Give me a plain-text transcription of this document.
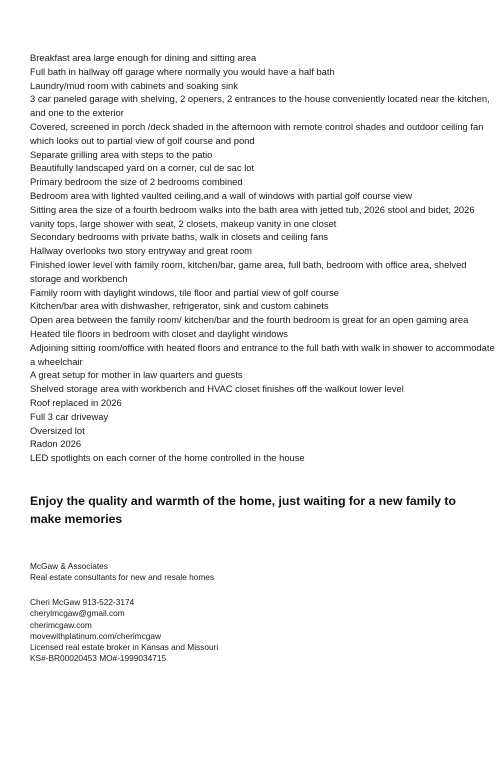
Breakfast area large enough for dining and sitting area
Full bath in hallway off garage where normally you would have a half bath
Laundry/mud room with cabinets and soaking sink
3 car paneled garage with shelving, 2 openers, 2 entrances to the house conveniently located near the kitchen, and one to the exterior
Covered, screened in porch /deck shaded in the afternoon with remote control shades and outdoor ceiling fan which looks out to partial view of golf course and pond
Separate grilling area with steps to the patio
Beautifully landscaped yard on a corner, cul de sac lot
Primary bedroom the size of 2 bedrooms combined
Bedroom area with lighted vaulted ceiling,and a wall of windows with partial golf course view
Sitting area the size of a fourth bedroom walks into the bath area with jetted tub, 2026 stool and bidet, 2026 vanity tops, large shower with seat, 2 closets, makeup vanity in one closet
Secondary bedrooms with private baths, walk in closets and ceiling fans
Hallway overlooks two story entryway and great room
Finished lower level with family room, kitchen/bar, game area, full bath, bedroom with office area, shelved storage and workbench
Family room with daylight windows, tile floor and partial view of golf course
Kitchen/bar area with dishwasher, refrigerator, sink and custom cabinets
Open area between the family room/ kitchen/bar and the fourth bedroom is great for an open gaming area
Heated tile floors in bedroom with closet and daylight windows
Adjoining sitting room/office with heated floors and entrance to the full bath with walk in shower to accommodate a wheelchair
A great setup for mother in law quarters and guests
Shelved storage area with workbench and HVAC closet finishes off the walkout lower level
Roof replaced in 2026
Full 3 car driveway
Oversized lot
Radon 2026
LED spotlights on each corner of the home controlled in the house

Enjoy the quality and warmth of the home, just waiting for a new family to make memories

McGaw & Associates
Real estate consultants for new and resale homes
Cheri McGaw 913-522-3174
cherylmcgaw@gmail.com
cherimcgaw.com
movewithplatinum.com/cherimcgaw
Licensed real estate broker in Kansas and Missouri
KS#-BR00020453 MO#-1999034715
